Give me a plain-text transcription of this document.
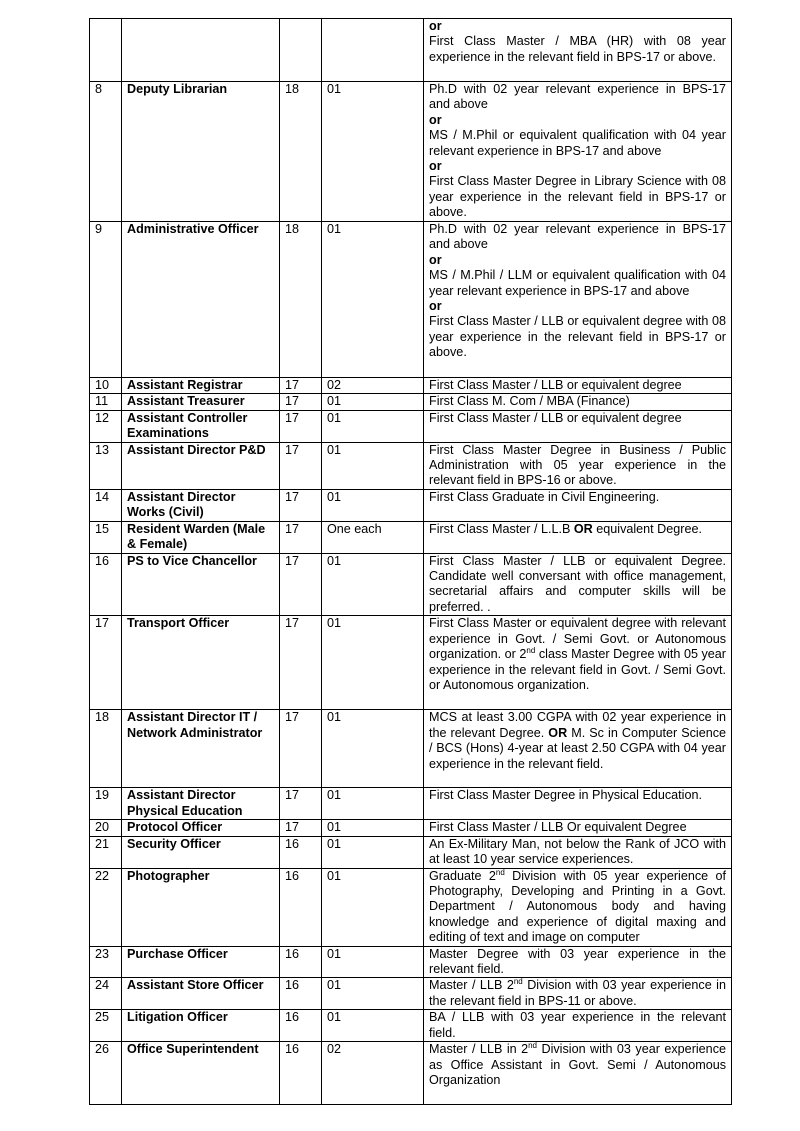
				or
First Class Master / MBA (HR) with 08 year experience in the relevant field in BPS-17 or above.
8	Deputy Librarian	18	01	Ph.D with 02 year relevant experience in BPS-17 and above
or
MS / M.Phil or equivalent qualification with 04 year relevant experience in BPS-17 and above
or
First Class Master Degree in Library Science with 08 year experience in the relevant field in BPS-17 or above.

9	Administrative Officer	18	01	Ph.D with 02 year relevant experience in BPS-17 and above
or
MS / M.Phil / LLM or equivalent qualification with 04 year relevant experience in BPS-17 and above
or
First Class Master / LLB or equivalent degree with 08 year experience in the relevant field in BPS-17 or above.

10	Assistant Registrar	17	02	First Class Master / LLB or equivalent degree
11	Assistant Treasurer	17	01	First Class M. Com / MBA (Finance)
12	Assistant Controller Examinations	17	01	First Class Master / LLB or equivalent degree
13	Assistant Director P&D	17	01	First Class Master Degree in Business / Public Administration with 05 year experience in the relevant field in BPS-16 or above.
14	Assistant Director Works (Civil)	17	01	First Class Graduate in Civil Engineering.
15	Resident Warden (Male & Female)	17	One each	First Class Master / L.L.B OR equivalent Degree.
16	PS to Vice Chancellor	17	01	First Class Master / LLB or equivalent Degree. Candidate well conversant with office management, secretarial affairs and computer skills will be preferred. .
17	Transport Officer	17	01	First Class Master or equivalent degree with relevant experience in Govt. / Semi Govt. or Autonomous organization. or 2nd class Master Degree with 05 year experience in the relevant field in Govt. / Semi Govt. or Autonomous organization.
18	Assistant Director IT / Network Administrator	17	01	MCS at least 3.00 CGPA with 02 year experience in the relevant Degree. OR M. Sc in Computer Science / BCS (Hons) 4-year at least 2.50 CGPA with 04 year experience in the relevant field.
19	Assistant Director Physical Education	17	01	First Class Master Degree in Physical Education.
20	Protocol Officer	17	01	First Class Master / LLB Or equivalent Degree
21	Security Officer	16	01	An Ex-Military Man, not below the Rank of JCO with at least 10 year service experiences.
22	Photographer	16	01	Graduate 2nd Division with 05 year experience of Photography, Developing and Printing in a Govt. Department / Autonomous body and having knowledge and experience of digital maxing and editing of text and image on computer
23	Purchase Officer	16	01	Master Degree with 03 year experience in the relevant field.
24	Assistant Store Officer	16	01	Master / LLB 2nd Division with 03 year experience in the relevant field in BPS-11 or above.
25	Litigation Officer	16	01	BA / LLB with 03 year experience in the relevant field.
26	Office Superintendent	16	02	Master / LLB in 2nd Division with 03 year experience as Office Assistant in Govt. Semi / Autonomous Organization
